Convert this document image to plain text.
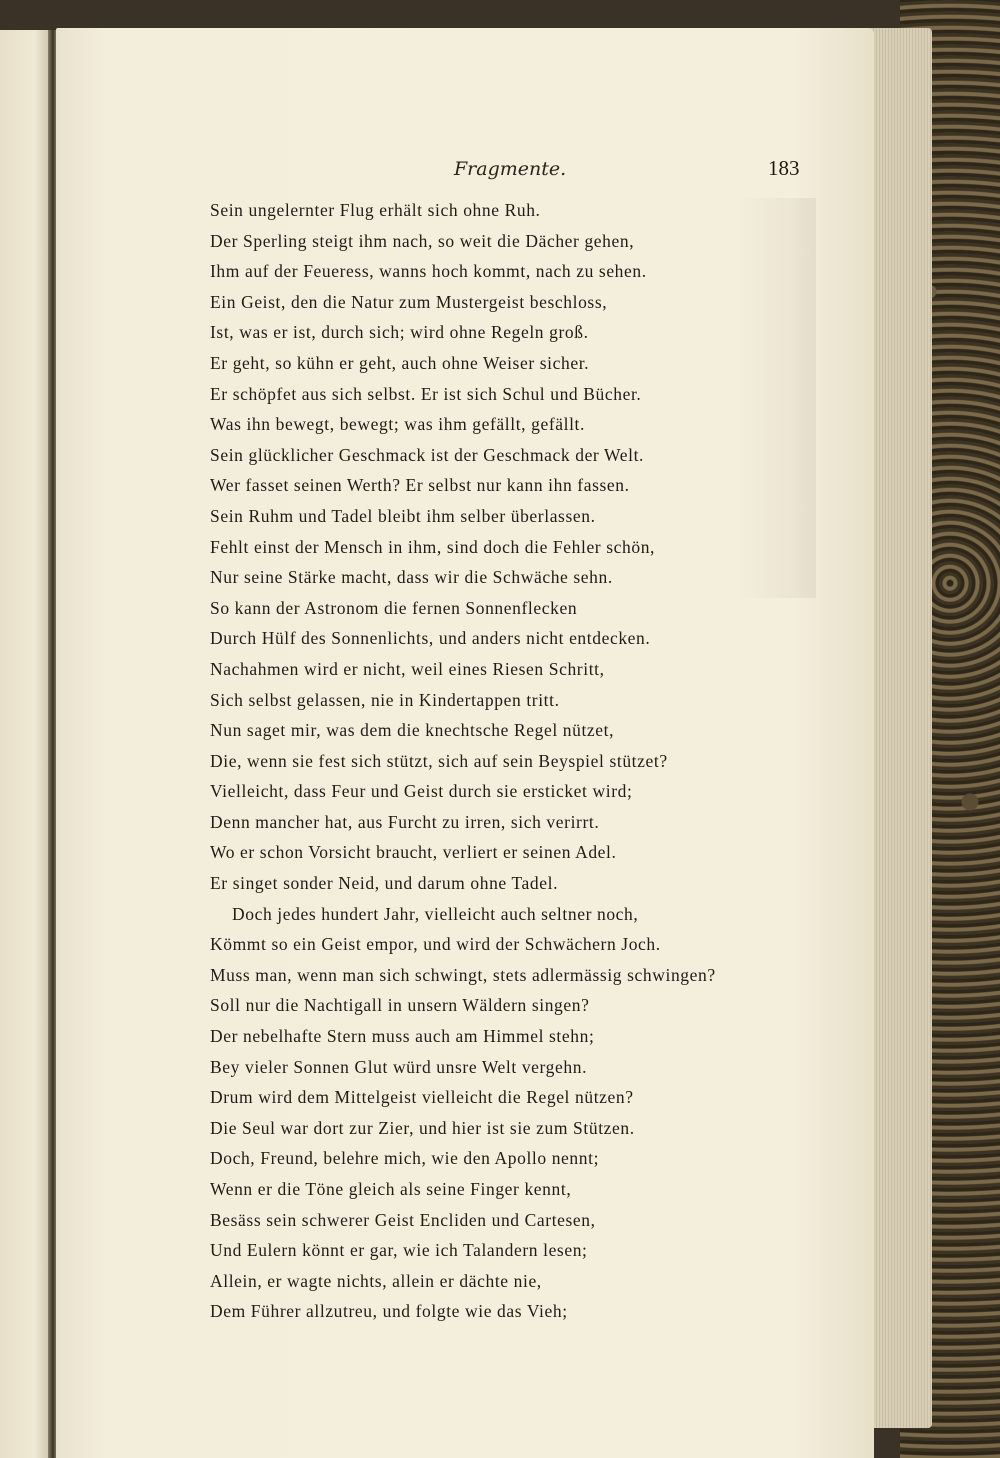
Fragmente.	183
Sein ungelernter Flug erhält sich ohne Ruh.
Der Sperling steigt ihm nach, so weit die Dächer gehen,
Ihm auf der Feueress, wanns hoch kommt, nach zu sehen.
Ein Geist, den die Natur zum Mustergeist beschloss,
Ist, was er ist, durch sich; wird ohne Regeln groß.
Er geht, so kühn er geht, auch ohne Weiser sicher.
Er schöpfet aus sich selbst. Er ist sich Schul und Bücher.
Was ihn bewegt, bewegt; was ihm gefällt, gefällt.
Sein glücklicher Geschmack ist der Geschmack der Welt.
Wer fasset seinen Werth? Er selbst nur kann ihn fassen.
Sein Ruhm und Tadel bleibt ihm selber überlassen.
Fehlt einst der Mensch in ihm, sind doch die Fehler schön,
Nur seine Stärke macht, dass wir die Schwäche sehn.
So kann der Astronom die fernen Sonnenflecken
Durch Hülf des Sonnenlichts, und anders nicht entdecken.
Nachahmen wird er nicht, weil eines Riesen Schritt,
Sich selbst gelassen, nie in Kindertappen tritt.
Nun saget mir, was dem die knechtsche Regel nützet,
Die, wenn sie fest sich stützt, sich auf sein Beyspiel stützet?
Vielleicht, dass Feur und Geist durch sie ersticket wird;
Denn mancher hat, aus Furcht zu irren, sich verirrt.
Wo er schon Vorsicht braucht, verliert er seinen Adel.
Er singet sonder Neid, und darum ohne Tadel.
Doch jedes hundert Jahr, vielleicht auch seltner noch,
Kömmt so ein Geist empor, und wird der Schwächern Joch.
Muss man, wenn man sich schwingt, stets adlermässig schwingen?
Soll nur die Nachtigall in unsern Wäldern singen?
Der nebelhafte Stern muss auch am Himmel stehn;
Bey vieler Sonnen Glut würd unsre Welt vergehn.
Drum wird dem Mittelgeist vielleicht die Regel nützen?
Die Seul war dort zur Zier, und hier ist sie zum Stützen.
Doch, Freund, belehre mich, wie den Apollo nennt;
Wenn er die Töne gleich als seine Finger kennt,
Besäss sein schwerer Geist Encliden und Cartesen,
Und Eulern könnt er gar, wie ich Talandern lesen;
Allein, er wagte nichts, allein er dächte nie,
Dem Führer allzutreu, und folgte wie das Vieh;
